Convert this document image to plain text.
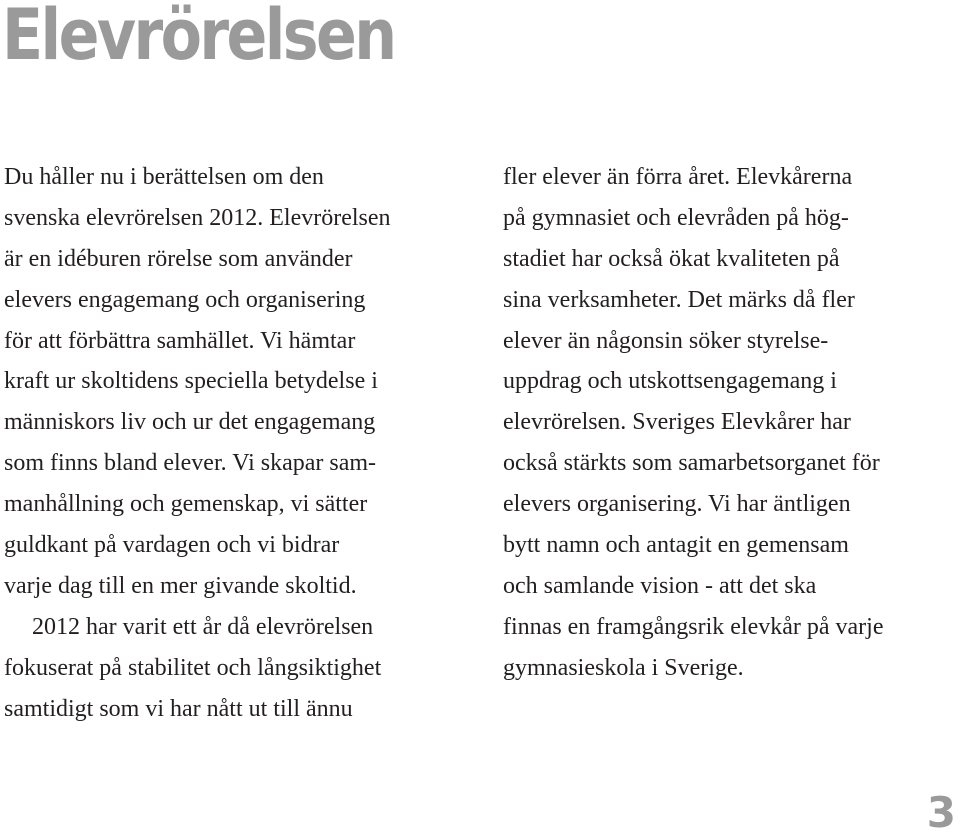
Elevrörelsen
Du håller nu i berättelsen om den
svenska elevrörelsen 2012. Elevrörelsen
är en idéburen rörelse som använder
elevers engagemang och organisering
för att förbättra samhället. Vi hämtar
kraft ur skoltidens speciella betydelse i
människors liv och ur det engagemang
som finns bland elever. Vi skapar sam-
manhållning och gemenskap, vi sätter
guldkant på vardagen och vi bidrar
varje dag till en mer givande skoltid.
2012 har varit ett år då elevrörelsen
fokuserat på stabilitet och långsiktighet
samtidigt som vi har nått ut till ännu
fler elever än förra året. Elevkårerna
på gymnasiet och elevråden på hög-
stadiet har också ökat kvaliteten på
sina verksamheter. Det märks då fler
elever än någonsin söker styrelse-
uppdrag och utskottsengagemang i
elevrörelsen. Sveriges Elevkårer har
också stärkts som samarbetsorganet för
elevers organisering. Vi har äntligen
bytt namn och antagit en gemensam
och samlande vision - att det ska
finnas en framgångsrik elevkår på varje
gymnasieskola i Sverige.
3
